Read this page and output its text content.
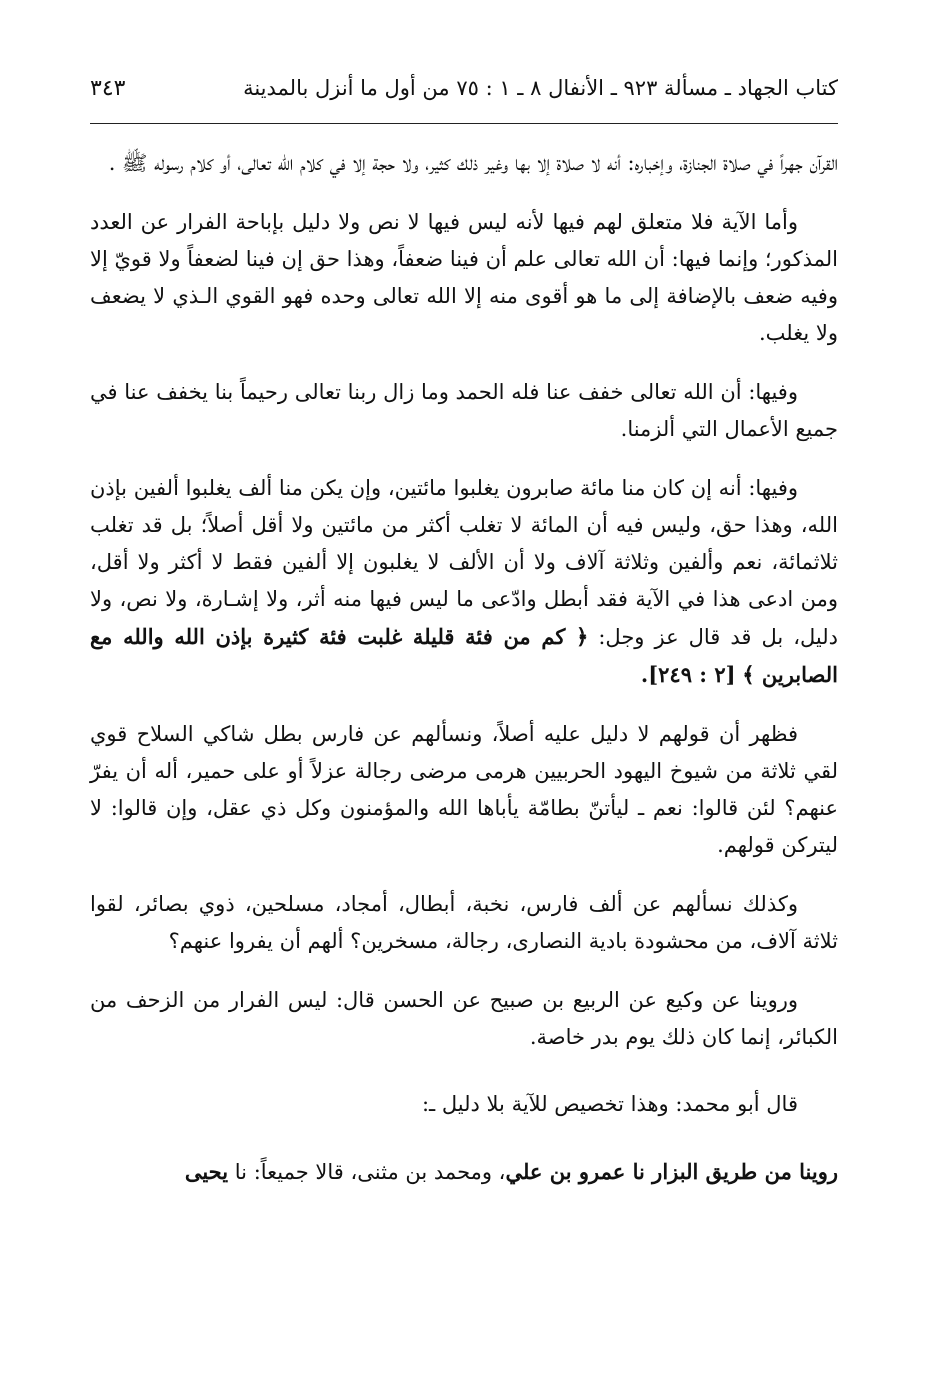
كتاب الجهاد ـ مسألة ٩٢٣ ـ الأنفال ٨ ـ ١ : ٧٥ من أول ما أنزل بالمدينة
٣٤٣

القرآن جهراً في صلاة الجنازة، وإخباره: أنه لا صلاة إلا بها وغير ذلك كثير، ولا حجة إلا في كلام الله تعالى، أو كلام رسوله ﷺ .

وأما الآية فلا متعلق لهم فيها لأنه ليس فيها لا نص ولا دليل بإباحة الفرار عن العدد المذكور؛ وإنما فيها: أن الله تعالى علم أن فينا ضعفاً، وهذا حق إن فينا لضعفاً ولا قويّ إلا وفيه ضعف بالإضافة إلى ما هو أقوى منه إلا الله تعالى وحده فهو القوي الـذي لا يضعف ولا يغلب.

وفيها: أن الله تعالى خفف عنا فله الحمد وما زال ربنا تعالى رحيماً بنا يخفف عنا في جميع الأعمال التي ألزمنا.

وفيها: أنه إن كان منا مائة صابرون يغلبوا مائتين، وإن يكن منا ألف يغلبوا ألفين بإذن الله، وهذا حق، وليس فيه أن المائة لا تغلب أكثر من مائتين ولا أقل أصلاً؛ بل قد تغلب ثلاثمائة، نعم وألفين وثلاثة آلاف ولا أن الألف لا يغلبون إلا ألفين فقط لا أكثر ولا أقل، ومن ادعى هذا في الآية فقد أبطل وادّعى ما ليس فيها منه أثر، ولا إشـارة، ولا نص، ولا دليل، بل قد قال عز وجل: ﴿ كم من فئة قليلة غلبت فئة كثيرة بإذن الله والله مع الصابرين ﴾ [٢ : ٢٤٩].

فظهر أن قولهم لا دليل عليه أصلاً، ونسألهم عن فارس بطل شاكي السلاح قوي لقي ثلاثة من شيوخ اليهود الحربيين هرمى مرضى رجالة عزلاً أو على حمير، أله أن يفرّ عنهم؟ لئن قالوا: نعم ـ ليأتنّ بطامّة يأباها الله والمؤمنون وكل ذي عقل، وإن قالوا: لا ليتركن قولهم.

وكذلك نسألهم عن ألف فارس، نخبة، أبطال، أمجاد، مسلحين، ذوي بصائر، لقوا ثلاثة آلاف، من محشودة بادية النصارى، رجالة، مسخرين؟ ألهم أن يفروا عنهم؟

وروينا عن وكيع عن الربيع بن صبيح عن الحسن قال: ليس الفرار من الزحف من الكبائر، إنما كان ذلك يوم بدر خاصة.

قال أبو محمد: وهذا تخصيص للآية بلا دليل ـ:

روينا من طريق البزار نا عمرو بن علي، ومحمد بن مثنى، قالا جميعاً: نا يحيى
